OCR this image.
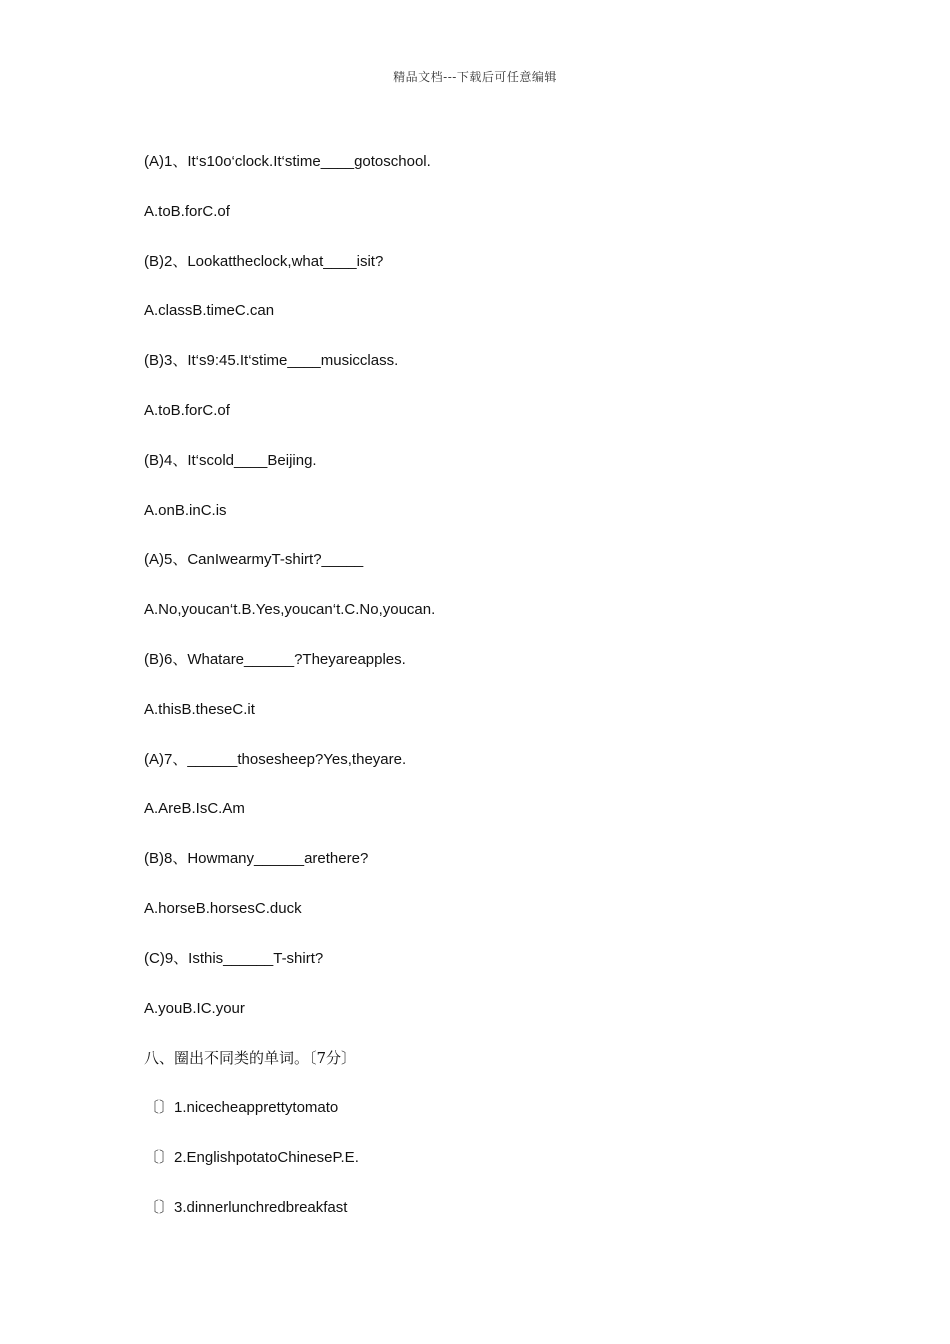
精品文档---下载后可任意编辑
(A)1、It‘s10o‘clock.It‘stime____gotoschool.
A.toB.forC.of
(B)2、Lookattheclock,what____isit?
A.classB.timeC.can
(B)3、It‘s9:45.It‘stime____musicclass.
A.toB.forC.of
(B)4、It‘scold____Beijing.
A.onB.inC.is
(A)5、CanIwearmyT-shirt?_____
A.No,youcan‘t.B.Yes,youcan‘t.C.No,youcan.
(B)6、Whatare______?Theyareapples.
A.thisB.theseC.it
(A)7、______thosesheep?Yes,theyare.
A.AreB.IsC.Am
(B)8、Howmany______arethere?
A.horseB.horsesC.duck
(C)9、Isthis______T-shirt?
A.youB.IC.your
八、圈出不同类的单词。〔7分〕
〔〕1.nicecheapprettytomato
〔〕2.EnglishpotatoChineseP.E.
〔〕3.dinnerlunchredbreakfast
